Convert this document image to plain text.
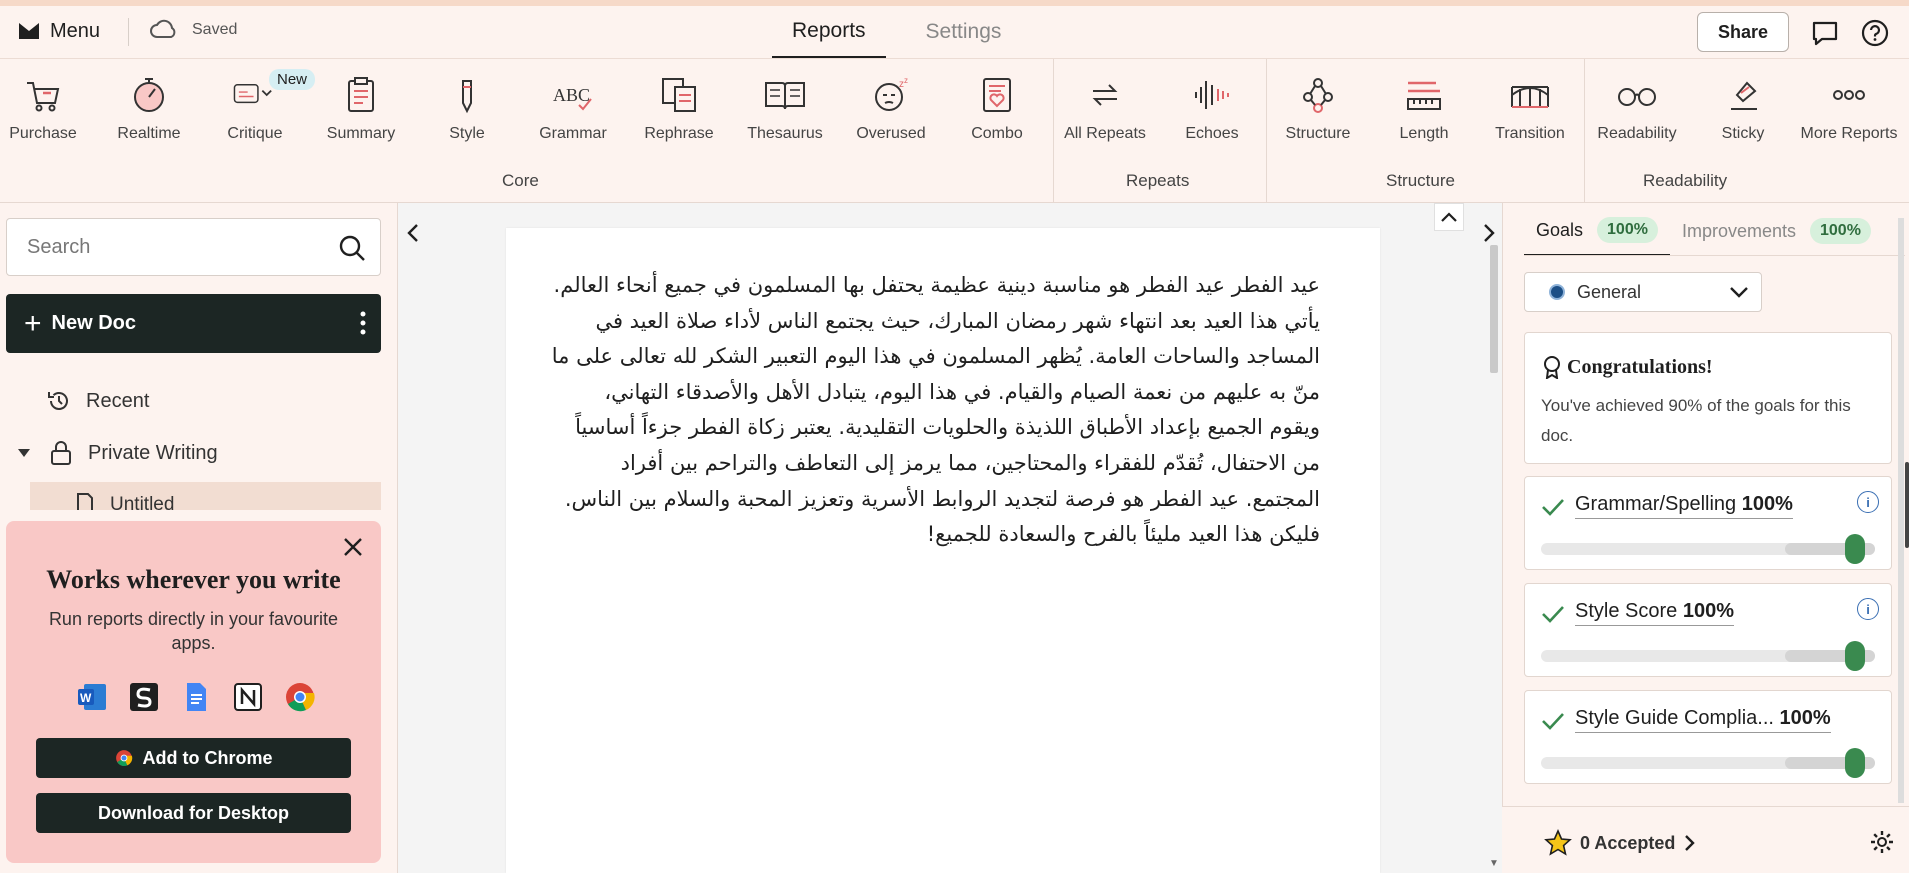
Menu	Saved	Reports	Settings	Share
Purchase	Realtime	Critique	Summary	Style
ABC
Grammar Rephrase Thesaurus
z z
Overused	Combo	All Repeats Echoes	Structure	Length	Transition Readability	Sticky More Reports
New
Core	Repeats	Structure	Readability
Search
+ New Doc
Recent
Private Writing
Untitled
Works wherever you write

Run reports directly in your favourite apps.

W
Add to Chrome
Download for Desktop
عيد الفطر عيد الفطر هو مناسبة دينية عظيمة يحتفل بها المسلمون في جميع أنحاء العالم. يأتي هذا العيد بعد انتهاء شهر رمضان المبارك، حيث يجتمع الناس لأداء صلاة العيد في المساجد والساحات العامة. يُظهر المسلمون في هذا اليوم التعبير الشكر لله تعالى على ما منّ به عليهم من نعمة الصيام والقيام. في هذا اليوم، يتبادل الأهل والأصدقاء التهاني، ويقوم الجميع بإعداد الأطباق اللذيذة والحلويات التقليدية. يعتبر زكاة الفطر جزءاً أساسياً من الاحتفال، تُقدّم للفقراء والمحتاجين، مما يرمز إلى التعاطف والتراحم بين أفراد المجتمع. عيد الفطر هو فرصة لتجديد الروابط الأسرية وتعزيز المحبة والسلام بين الناس. فليكن هذا العيد مليئاً بالفرح والسعادة للجميع!
▼
Goals	100%	Improvements	100%
General
Congratulations!

You've achieved 90% of the goals for this doc.

Grammar/Spelling 100%	i
Style Score 100%	i
Style Guide Complia... 100%
0 Accepted
